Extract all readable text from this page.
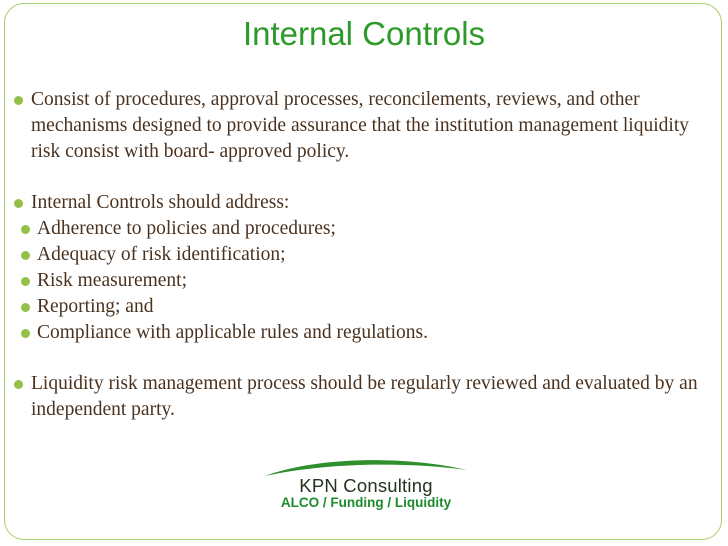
Internal Controls
Consist of procedures, approval processes, reconcilements, reviews, and other mechanisms designed to provide assurance that the institution management liquidity risk consist with board- approved policy.
Internal Controls should address:
Adherence to policies and procedures;
Adequacy of risk identification;
Risk measurement;
Reporting; and
Compliance with applicable rules and regulations.
Liquidity risk management process should be regularly reviewed and evaluated by an independent party.
KPN Consulting
ALCO / Funding / Liquidity
